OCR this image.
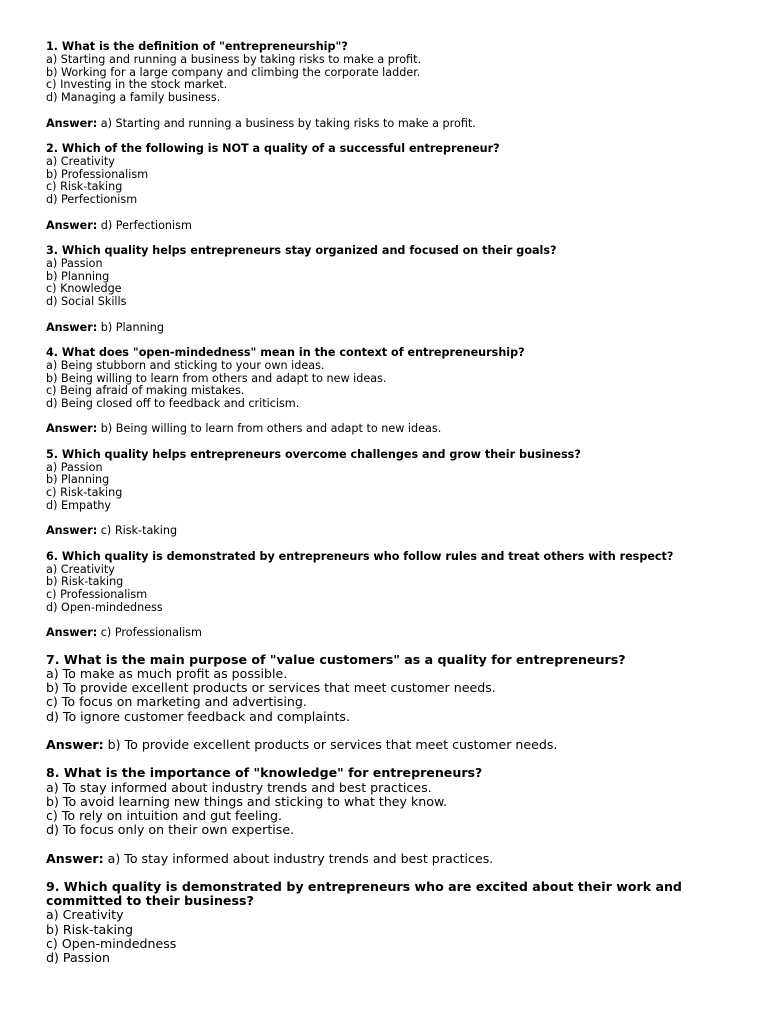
1. What is the definition of "entrepreneurship"?
a) Starting and running a business by taking risks to make a profit.
b) Working for a large company and climbing the corporate ladder.
c) Investing in the stock market.
d) Managing a family business.
Answer: a) Starting and running a business by taking risks to make a profit.
2. Which of the following is NOT a quality of a successful entrepreneur?
a) Creativity
b) Professionalism
c) Risk-taking
d) Perfectionism
Answer: d) Perfectionism
3. Which quality helps entrepreneurs stay organized and focused on their goals?
a) Passion
b) Planning
c) Knowledge
d) Social Skills
Answer: b) Planning
4. What does "open-mindedness" mean in the context of entrepreneurship?
a) Being stubborn and sticking to your own ideas.
b) Being willing to learn from others and adapt to new ideas.
c) Being afraid of making mistakes.
d) Being closed off to feedback and criticism.
Answer: b) Being willing to learn from others and adapt to new ideas.
5. Which quality helps entrepreneurs overcome challenges and grow their business?
a) Passion
b) Planning
c) Risk-taking
d) Empathy
Answer: c) Risk-taking
6. Which quality is demonstrated by entrepreneurs who follow rules and treat others with respect?
a) Creativity
b) Risk-taking
c) Professionalism
d) Open-mindedness
Answer: c) Professionalism
7. What is the main purpose of "value customers" as a quality for entrepreneurs?
a) To make as much profit as possible.
b) To provide excellent products or services that meet customer needs.
c) To focus on marketing and advertising.
d) To ignore customer feedback and complaints.
Answer: b) To provide excellent products or services that meet customer needs.
8. What is the importance of "knowledge" for entrepreneurs?
a) To stay informed about industry trends and best practices.
b) To avoid learning new things and sticking to what they know.
c) To rely on intuition and gut feeling.
d) To focus only on their own expertise.
Answer: a) To stay informed about industry trends and best practices.
9. Which quality is demonstrated by entrepreneurs who are excited about their work and committed to their business?
a) Creativity
b) Risk-taking
c) Open-mindedness
d) Passion
